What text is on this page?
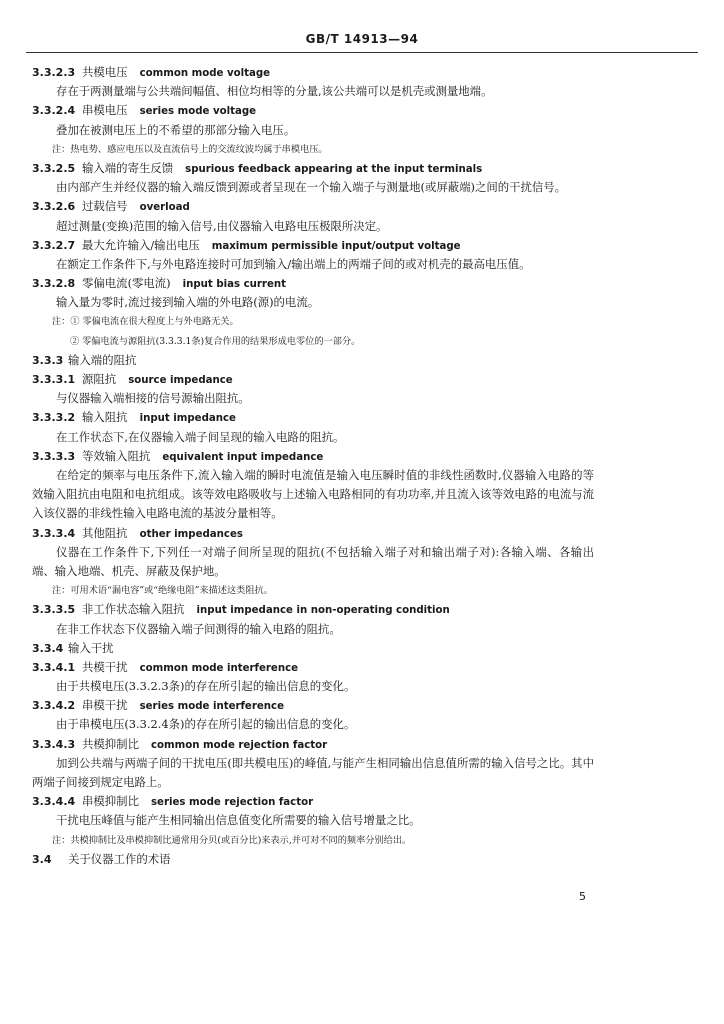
GB/T 14913—94
3.3.2.3 共模电压 common mode voltage
存在于两测量端与公共端间幅值、相位均相等的分量,该公共端可以是机壳或测量地端。
3.3.2.4 串模电压 series mode voltage
叠加在被测电压上的不希望的那部分输入电压。
注：热电势、感应电压以及直流信号上的交流纹波均属于串模电压。
3.3.2.5 输入端的寄生反馈 spurious feedback appearing at the input terminals
由内部产生并经仪器的输入端反馈到源或者呈现在一个输入端子与测量地(或屏蔽端)之间的干扰信号。
3.3.2.6 过载信号 overload
超过测量(变换)范围的输入信号,由仪器输入电路电压极限所决定。
3.3.2.7 最大允许输入/输出电压 maximum permissible input/output voltage
在额定工作条件下,与外电路连接时可加到输入/输出端上的两端子间的或对机壳的最高电压值。
3.3.2.8 零偏电流(零电流) input bias current
输入量为零时,流过接到输入端的外电路(源)的电流。
注：① 零偏电流在很大程度上与外电路无关。
② 零偏电流与源阻抗(3.3.3.1条)复合作用的结果形成电零位的一部分。
3.3.3 输入端的阻抗
3.3.3.1 源阻抗 source impedance
与仪器输入端相接的信号源输出阻抗。
3.3.3.2 输入阻抗 input impedance
在工作状态下,在仪器输入端子间呈现的输入电路的阻抗。
3.3.3.3 等效输入阻抗 equivalent input impedance
在给定的频率与电压条件下,流入输入端的瞬时电流值是输入电压瞬时值的非线性函数时,仪器输入电路的等效输入阻抗由电阻和电抗组成。该等效电路吸收与上述输入电路相同的有功功率,并且流入该等效电路的电流与流入该仪器的非线性输入电路电流的基波分量相等。
3.3.3.4 其他阻抗 other impedances
仪器在工作条件下,下列任一对端子间所呈现的阻抗(不包括输入端子对和输出端子对):各输入端、各输出端、输入地端、机壳、屏蔽及保护地。
注：可用术语“漏电容”或“绝缘电阻”来描述这类阻抗。
3.3.3.5 非工作状态输入阻抗 input impedance in non-operating condition
在非工作状态下仪器输入端子间测得的输入电路的阻抗。
3.3.4 输入干扰
3.3.4.1 共模干扰 common mode interference
由于共模电压(3.3.2.3条)的存在所引起的输出信息的变化。
3.3.4.2 串模干扰 series mode interference
由于串模电压(3.3.2.4条)的存在所引起的输出信息的变化。
3.3.4.3 共模抑制比 common mode rejection factor
加到公共端与两端子间的干扰电压(即共模电压)的峰值,与能产生相同输出信息值所需的输入信号之比。其中两端子间接到规定电路上。
3.3.4.4 串模抑制比 series mode rejection factor
干扰电压峰值与能产生相同输出信息值变化所需要的输入信号增量之比。
注：共模抑制比及串模抑制比通常用分贝(或百分比)来表示,并可对不同的频率分别给出。
3.4 关于仪器工作的术语
5
